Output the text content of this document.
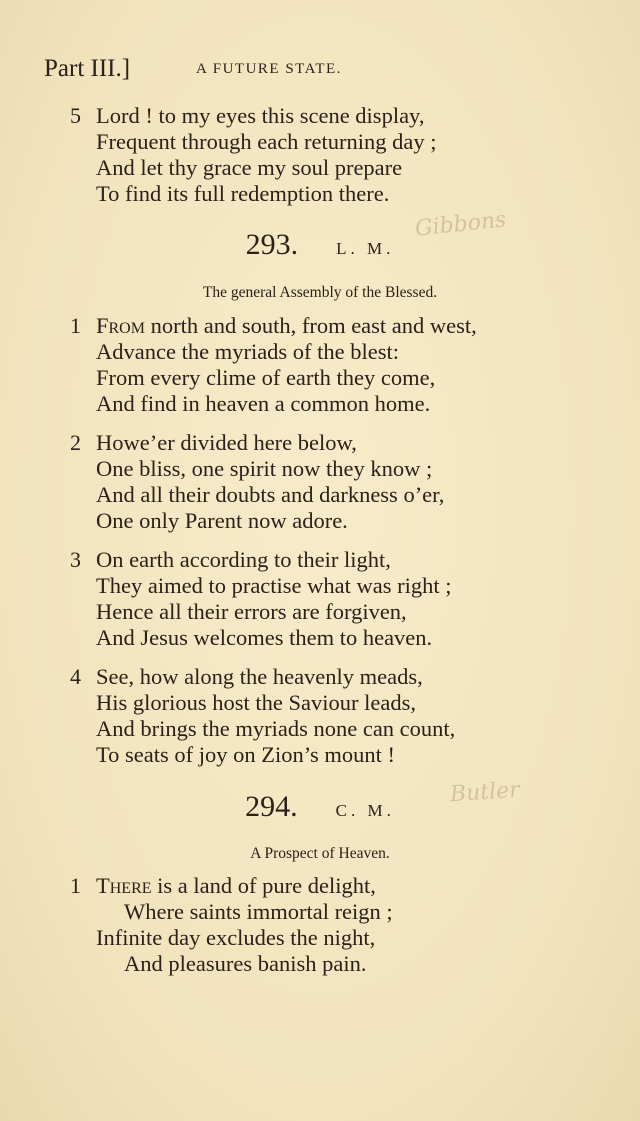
Part III.]	A FUTURE STATE.
5 Lord ! to my eyes this scene display,
Frequent through each returning day ;
And let thy grace my soul prepare
To find its full redemption there.
293. L. M.
Gibbons
The general Assembly of the Blessed.
1 From north and south, from east and west,
Advance the myriads of the blest:
From every clime of earth they come,
And find in heaven a common home.
2 Howe’er divided here below,
One bliss, one spirit now they know ;
And all their doubts and darkness o’er,
One only Parent now adore.
3 On earth according to their light,
They aimed to practise what was right ;
Hence all their errors are forgiven,
And Jesus welcomes them to heaven.
4 See, how along the heavenly meads,
His glorious host the Saviour leads,
And brings the myriads none can count,
To seats of joy on Zion’s mount !
294. C. M.
Butler
A Prospect of Heaven.
1 There is a land of pure delight,
Where saints immortal reign ;
Infinite day excludes the night,
And pleasures banish pain.
